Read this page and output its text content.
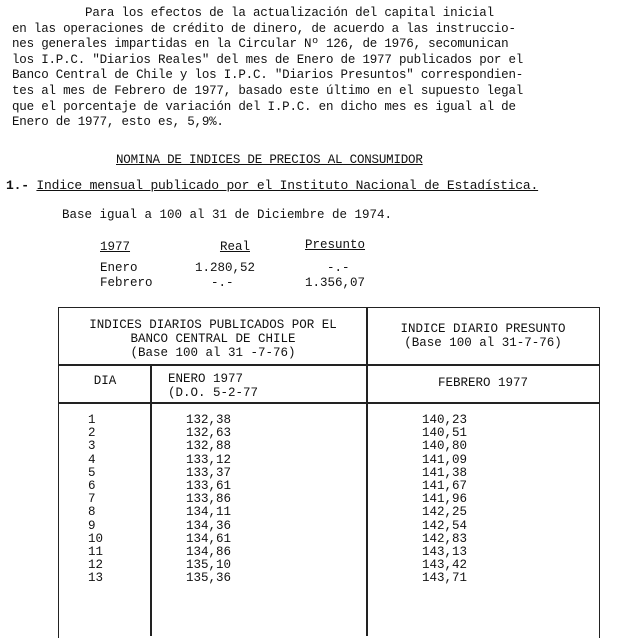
Para los efectos de la actualización del capital inicial
en las operaciones de crédito de dinero, de acuerdo a las instruccio-
nes generales impartidas en la Circular Nº 126, de 1976, secomunican
los I.P.C. "Diarios Reales" del mes de Enero de 1977 publicados por el
Banco Central de Chile y los I.P.C. "Diarios Presuntos" correspondien-
tes al mes de Febrero de 1977, basado este último en el supuesto legal
que el porcentaje de variación del I.P.C. en dicho mes es igual al de
Enero de 1977, esto es, 5,9%.
NOMINA DE INDICES DE PRECIOS AL CONSUMIDOR
1.- Indice mensual publicado por el Instituto Nacional de Estadística.
Base igual a 100 al 31 de Diciembre de 1974.
1977
Enero
Febrero
Real
1.280,52
-.-
Presunto
-.-
1.356,07
INDICES DIARIOS PUBLICADOS POR EL
BANCO CENTRAL DE CHILE
(Base 100 al 31 -7-76)
INDICE DIARIO PRESUNTO
(Base 100 al 31-7-76)
DIA	ENERO 1977
(D.O. 5-2-77
FEBRERO 1977
1
2
3
4
5
6
7
8
9
10
11
12
13
132,38
132,63
132,88
133,12
133,37
133,61
133,86
134,11
134,36
134,61
134,86
135,10
135,36
140,23
140,51
140,80
141,09
141,38
141,67
141,96
142,25
142,54
142,83
143,13
143,42
143,71
